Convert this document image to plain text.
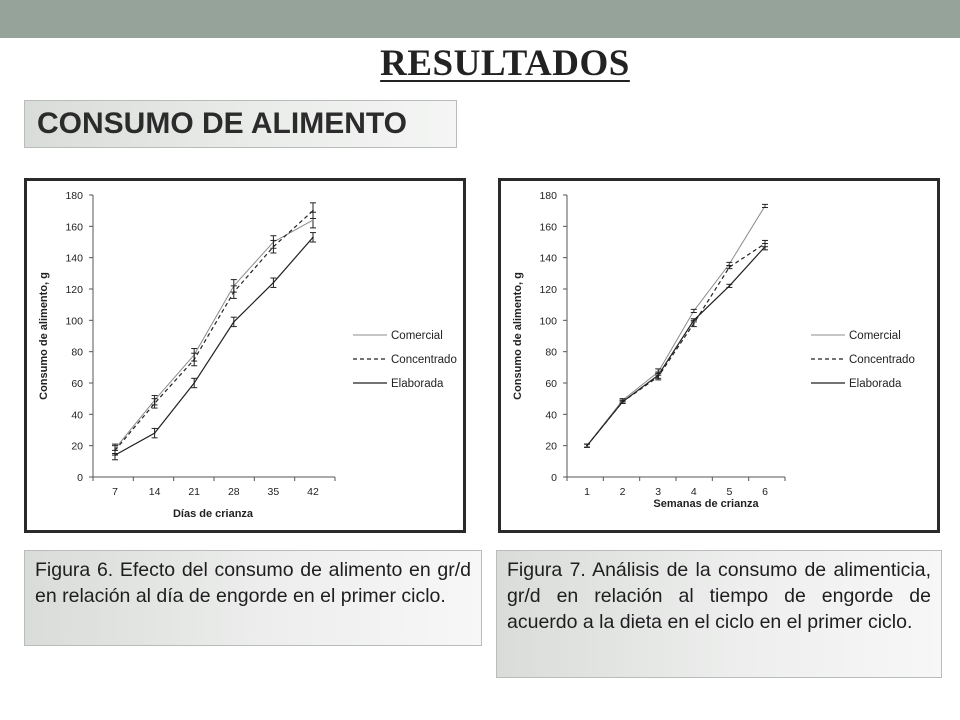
RESULTADOS
CONSUMO DE ALIMENTO
0
20
40
60
80
100
120
140
160
180
7	14	21	28	35	42
Días de crianza
Consumo de alimento, g	Comercial
Concentrado
Elaborada
0
20
40
60
80
100
120
140
160
180
1	2	3	4	5	6
Semanas de crianza
Consumo de alimento, g	Comercial
Concentrado
Elaborada
Figura 6. Efecto del consumo de alimento en gr/d en relación al día de engorde en el primer ciclo.
Figura 7. Análisis de la consumo de alimenticia, gr/d en relación al tiempo de engorde de acuerdo a la dieta en el ciclo en el primer ciclo.
